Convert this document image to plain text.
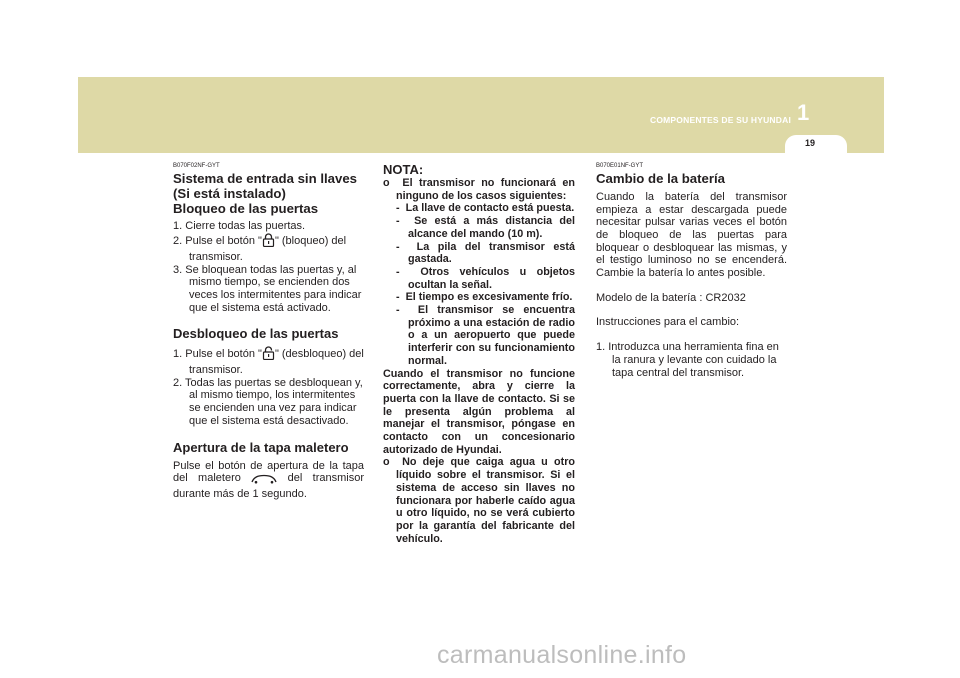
COMPONENTES DE SU HYUNDAI 1
19

B070F02NF-GYT

Sistema de entrada sin llaves
(Si está instalado)
Bloqueo de las puertas
1. Cierre todas las puertas.
2. Pulse el botón " " (bloqueo) del transmisor.
3. Se bloquean todas las puertas y, al mismo tiempo, se encienden dos veces los intermitentes para indicar que el sistema está activado.
Desbloqueo de las puertas
1. Pulse el botón " " (desbloqueo) del transmisor.
2. Todas las puertas se desbloquean y, al mismo tiempo, los intermitentes se encienden una vez para indicar que el sistema está desactivado.
Apertura de la tapa maletero

Pulse el botón de apertura de la tapa del maletero	del transmisor durante más de 1 segundo.

NOTA:

o El transmisor no funcionará en ninguno de los casos siguientes:
- La llave de contacto está puesta.
- Se está a más distancia del alcance del mando (10 m).
- La pila del transmisor está gastada.
- Otros vehículos u objetos ocultan la señal.
- El tiempo es excesivamente frío.
- El transmisor se encuentra próximo a una estación de radio o a un aeropuerto que puede interferir con su funcionamiento normal.

Cuando el transmisor no funcione correctamente, abra y cierre la puerta con la llave de contacto. Si se le presenta algún problema al manejar el transmisor, póngase en contacto con un concesionario autorizado de Hyundai.

o No deje que caiga agua u otro líquido sobre el transmisor. Si el sistema de acceso sin llaves no funcionara por haberle caído agua u otro líquido, no se verá cubierto por la garantía del fabricante del vehículo.

B070E01NF-GYT

Cambio de la batería

Cuando la batería del transmisor empieza a estar descargada puede necesitar pulsar varias veces el botón de bloqueo de las puertas para bloquear o desbloquear las mismas, y el testigo luminoso no se encenderá. Cambie la batería lo antes posible.

Modelo de la batería : CR2032

Instrucciones para el cambio:

1. Introduzca una herramienta fina en la ranura y levante con cuidado la tapa central del transmisor.
carmanualsonline.info
